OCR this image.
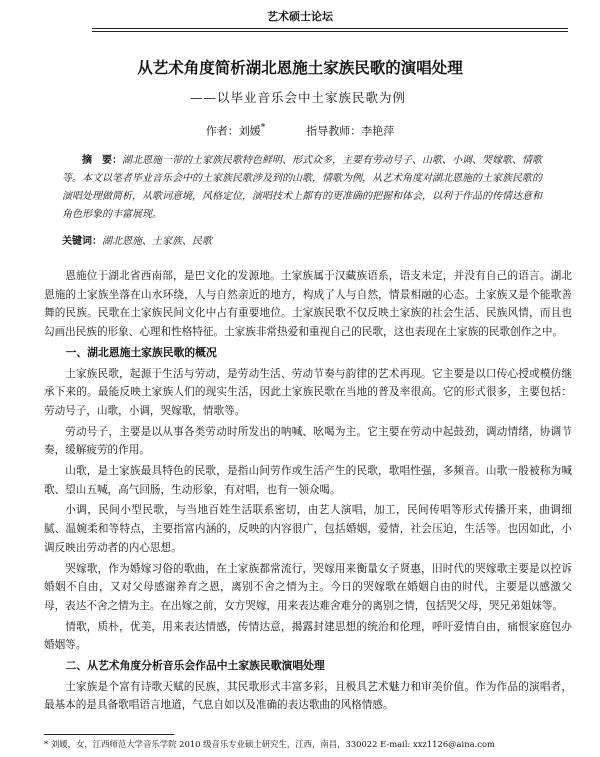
艺术硕士论坛
从艺术角度简析湖北恩施土家族民歌的演唱处理
——以毕业音乐会中土家族民歌为例
作者：刘媛*	指导教师：李艳萍
摘　要：湖北恩施一带的土家族民歌特色鲜明、形式众多，主要有劳动号子、山歌、小调、哭嫁歌、情歌等。本文以笔者毕业音乐会中的土家族民歌涉及到的山歌，情歌为例，从艺术角度对湖北恩施的土家族民歌的演唱处理做简析，从歌词意境，风格定位，演唱技术上都有的更准确的把握和体会，以利于作品的传情达意和角色形象的丰富展现。
关键词：湖北恩施、土家族、民歌

恩施位于湖北省西南部，是巴文化的发源地。土家族属于汉藏族语系，语支未定，并没有自己的语言。湖北恩施的土家族坐落在山水环绕，人与自然亲近的地方，构成了人与自然，情景相融的心态。土家族又是个能歌善舞的民族。民歌在土家族民间文化中占有重要地位。土家族民歌不仅反映土家族的社会生活、民族风情，而且也勾画出民族的形象、心理和性格特征。土家族非常热爱和重视自己的民歌，这也表现在土家族的民歌创作之中。

一、湖北恩施土家族民歌的概况

土家族民歌，起源于生活与劳动，是劳动生活、劳动节奏与韵律的艺术再现。它主要是以口传心授或模仿继承下来的。最能反映土家族人们的现实生活，因此土家族民歌在当地的普及率很高。它的形式很多，主要包括：劳动号子，山歌，小调，哭嫁歌，情歌等。

劳动号子，主要是以从事各类劳动时所发出的呐喊、吆喝为主。它主要在劳动中起鼓劲，调动情绪，协调节奏，缓解疲劳的作用。

山歌，是土家族最具特色的民歌，是指山间劳作或生活产生的民歌，歌唱性强，多频音。山歌一般被称为喊歌、望山五喊，高气回肠，生动形象，有对唱，也有一领众喝。

小调，民间小型民歌，与当地百姓生活联系密切，由艺人演唱，加工，民间传唱等形式传播开来，曲调细腻、温婉柔和等特点，主要指富内涵的，反映的内容很广，包括婚姻，爱情，社会压迫，生活等。也因如此，小调反映出劳动者的内心思想。

哭嫁歌，作为婚嫁习俗的歌曲，在土家族都常流行，哭嫁用来衡量女子贤惠，旧时代的哭嫁歌主要是以控诉婚姻不自由，又对父母感谢养育之恩，离别不舍之情为主。今日的哭嫁歌在婚姻自由的时代，主要是以感激父母，表达不舍之情为主。在出嫁之前，女方哭嫁，用来表达难舍难分的离别之情，包括哭父母，哭兄弟姐妹等。

情歌，质朴，优美，用来表达情感，传情达意，揭露封建思想的统治和伦理，呼吁爱情自由，痛恨家庭包办婚姻等。

二、从艺术角度分析音乐会作品中土家族民歌演唱处理

土家族是个富有诗歌天赋的民族，其民歌形式丰富多彩，且极具艺术魅力和审美价值。作为作品的演唱者，最基本的是具备歌唱语言地道，气息自如以及准确的表达歌曲的风格情感。

* 刘媛，女，江西师范大学音乐学院 2010 级音乐专业硕士研究生，江西，南昌，330022 E-mail: xxz1126@aina.com
